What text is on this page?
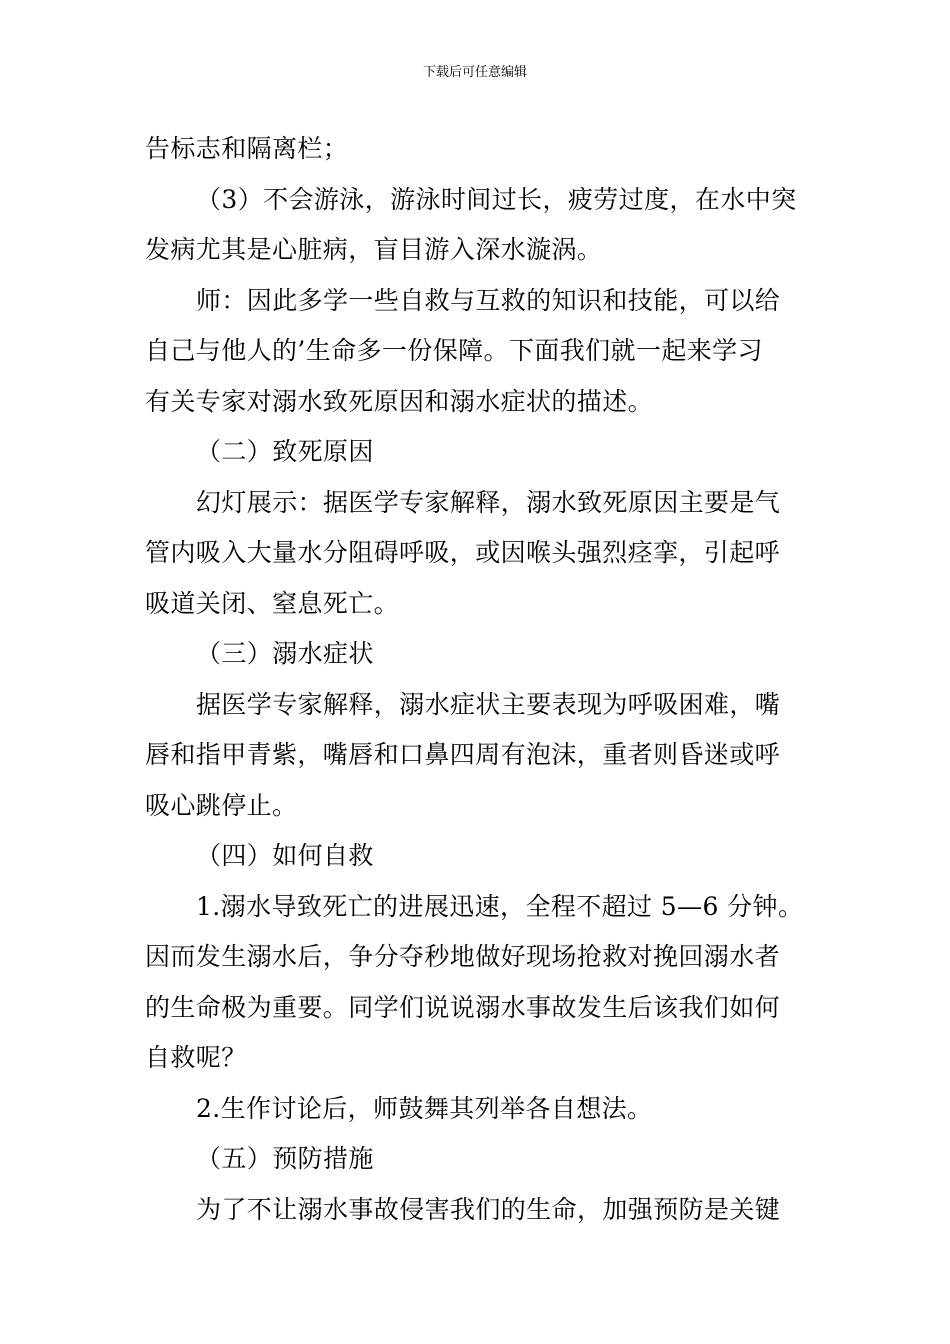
下载后可任意编辑
告标志和隔离栏；
（3）不会游泳，游泳时间过长，疲劳过度，在水中突
发病尤其是心脏病，盲目游入深水漩涡。
师：因此多学一些自救与互救的知识和技能，可以给
自己与他人的’生命多一份保障。下面我们就一起来学习
有关专家对溺水致死原因和溺水症状的描述。
（二）致死原因
幻灯展示：据医学专家解释，溺水致死原因主要是气
管内吸入大量水分阻碍呼吸，或因喉头强烈痉挛，引起呼
吸道关闭、窒息死亡。
（三）溺水症状
据医学专家解释，溺水症状主要表现为呼吸困难，嘴
唇和指甲青紫，嘴唇和口鼻四周有泡沫，重者则昏迷或呼
吸心跳停止。
（四）如何自救
1.溺水导致死亡的进展迅速，全程不超过 5—6 分钟。
因而发生溺水后，争分夺秒地做好现场抢救对挽回溺水者
的生命极为重要。同学们说说溺水事故发生后该我们如何
自救呢？
2.生作讨论后，师鼓舞其列举各自想法。
（五）预防措施
为了不让溺水事故侵害我们的生命，加强预防是关键
